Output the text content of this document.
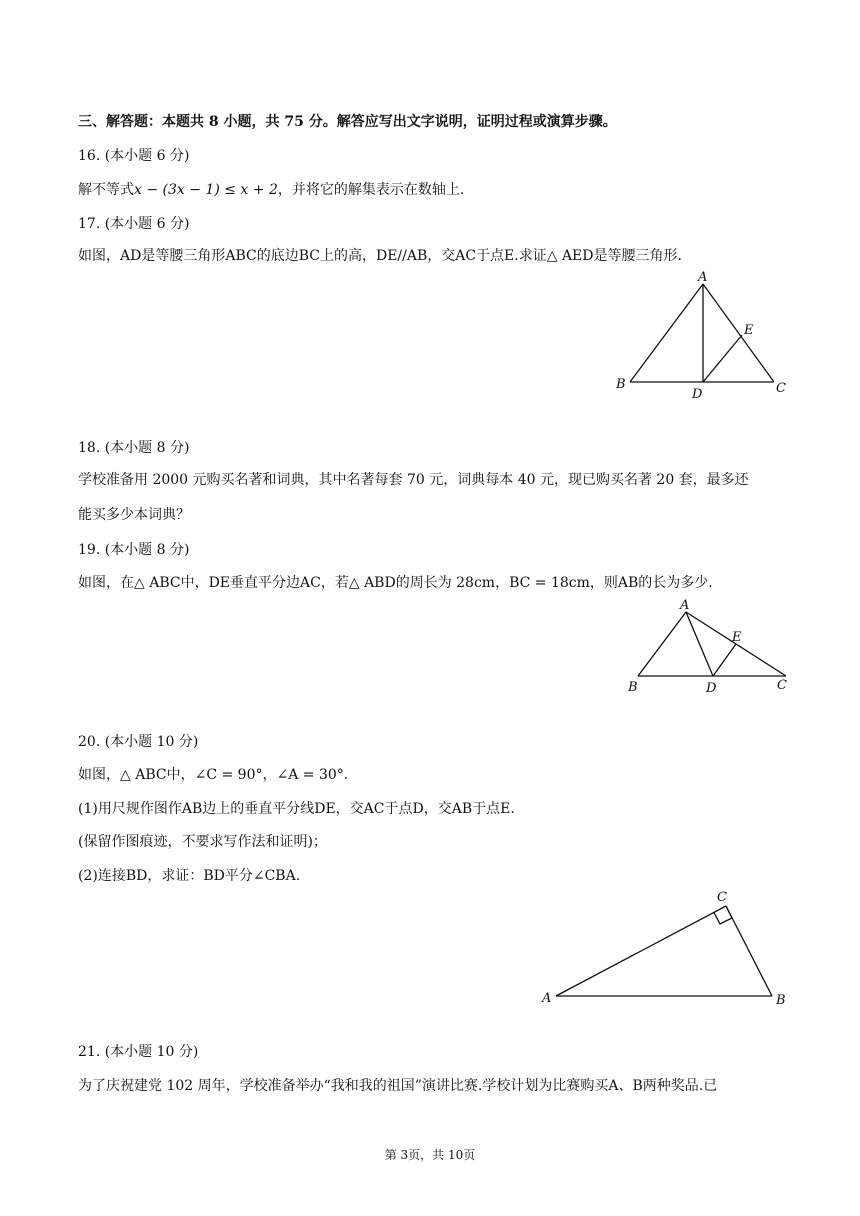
三、解答题：本题共 8 小题，共 75 分。解答应写出文字说明，证明过程或演算步骤。
16. (本小题 6 分)
解不等式x − (3x − 1) ≤ x + 2，并将它的解集表示在数轴上.
17. (本小题 6 分)
如图，AD是等腰三角形ABC的底边BC上的高，DE//AB，交AC于点E.求证△ AED是等腰三角形.
A
B	C
D
E
18. (本小题 8 分)
学校准备用 2000 元购买名著和词典，其中名著每套 70 元，词典每本 40 元，现已购买名著 20 套，最多还
能买多少本词典？
19. (本小题 8 分)
如图，在△ ABC中，DE垂直平分边AC，若△ ABD的周长为 28cm，BC = 18cm，则AB的长为多少.
A
B	C
D
E
20. (本小题 10 分)
如图，△ ABC中，∠C = 90°，∠A = 30°.
(1)用尺规作图作AB边上的垂直平分线DE，交AC于点D，交AB于点E.
(保留作图痕迹，不要求写作法和证明)；
(2)连接BD，求证：BD平分∠CBA.
C
A	B
21. (本小题 10 分)
为了庆祝建党 102 周年，学校准备举办“我和我的祖国”演讲比赛.学校计划为比赛购买A、B两种奖品.已
第 3页，共 10页
